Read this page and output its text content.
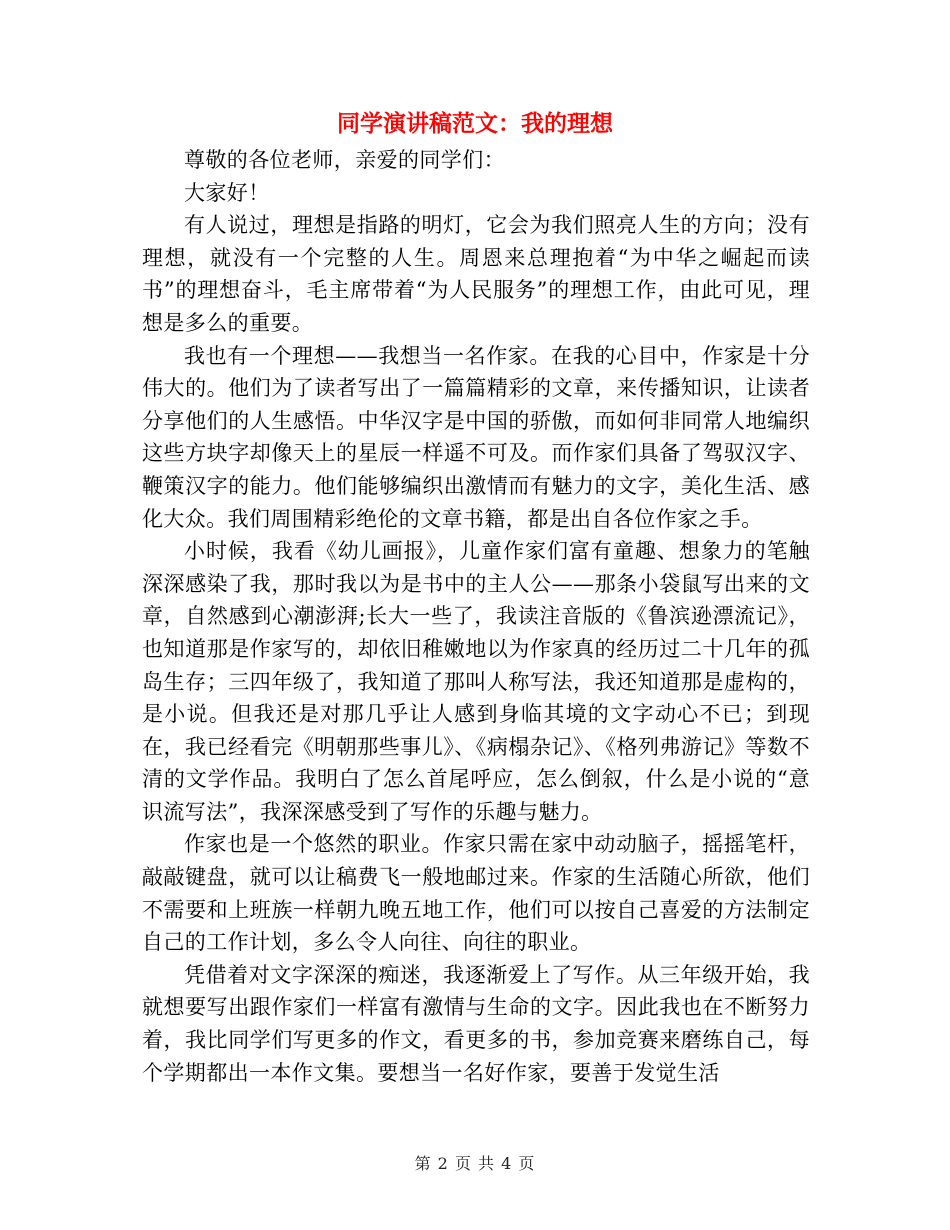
同学演讲稿范文：我的理想

尊敬的各位老师，亲爱的同学们：

大家好！

有人说过，理想是指路的明灯，它会为我们照亮人生的方向；没有理想，就没有一个完整的人生。周恩来总理抱着“为中华之崛起而读书”的理想奋斗，毛主席带着“为人民服务”的理想工作，由此可见，理想是多么的重要。

我也有一个理想——我想当一名作家。在我的心目中，作家是十分伟大的。他们为了读者写出了一篇篇精彩的文章，来传播知识，让读者分享他们的人生感悟。中华汉字是中国的骄傲，而如何非同常人地编织这些方块字却像天上的星辰一样遥不可及。而作家们具备了驾驭汉字、鞭策汉字的能力。他们能够编织出激情而有魅力的文字，美化生活、感化大众。我们周围精彩绝伦的文章书籍，都是出自各位作家之手。

小时候，我看《幼儿画报》，儿童作家们富有童趣、想象力的笔触深深感染了我，那时我以为是书中的主人公——那条小袋鼠写出来的文章，自然感到心潮澎湃;长大一些了，我读注音版的《鲁滨逊漂流记》，也知道那是作家写的，却依旧稚嫩地以为作家真的经历过二十几年的孤岛生存；三四年级了，我知道了那叫人称写法，我还知道那是虚构的，是小说。但我还是对那几乎让人感到身临其境的文字动心不已；到现在，我已经看完《明朝那些事儿》、《病榻杂记》、《格列弗游记》等数不清的文学作品。我明白了怎么首尾呼应，怎么倒叙，什么是小说的“意识流写法”，我深深感受到了写作的乐趣与魅力。

作家也是一个悠然的职业。作家只需在家中动动脑子，摇摇笔杆，敲敲键盘，就可以让稿费飞一般地邮过来。作家的生活随心所欲，他们不需要和上班族一样朝九晚五地工作，他们可以按自己喜爱的方法制定自己的工作计划，多么令人向往、向往的职业。

凭借着对文字深深的痴迷，我逐渐爱上了写作。从三年级开始，我就想要写出跟作家们一样富有激情与生命的文字。因此我也在不断努力着，我比同学们写更多的作文，看更多的书，参加竞赛来磨练自己，每个学期都出一本作文集。要想当一名好作家，要善于发觉生活

第 2 页 共 4 页
